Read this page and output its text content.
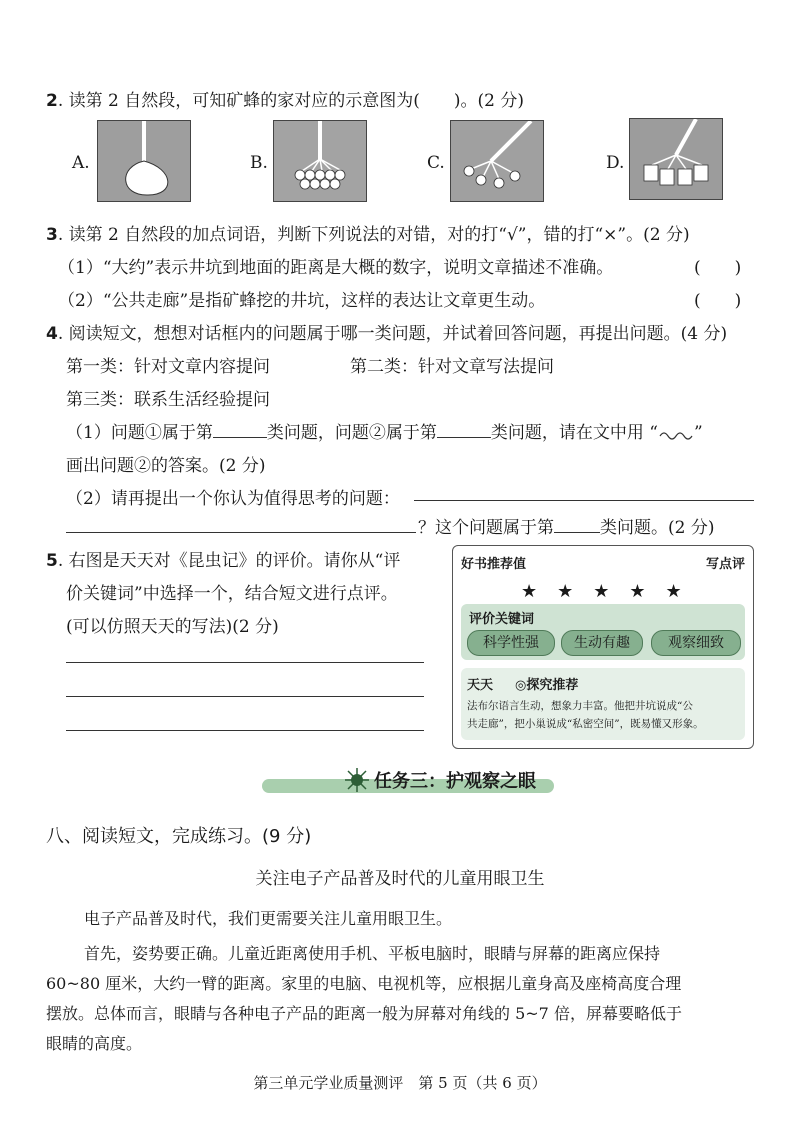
2. 读第 2 自然段，可知矿蜂的家对应的示意图为(　　)。(2 分)
A.	B.	C.	D.
3. 读第 2 自然段的加点词语，判断下列说法的对错，对的打“√”，错的打“×”。(2 分)
（1）“大约”表示井坑到地面的距离是大概的数字，说明文章描述不准确。	(　　)
（2）“公共走廊”是指矿蜂挖的井坑，这样的表达让文章更生动。	(　　)
4. 阅读短文，想想对话框内的问题属于哪一类问题，并试着回答问题，再提出问题。(4 分)
第一类：针对文章内容提问	第二类：针对文章写法提问
第三类：联系生活经验提问
（1）问题①属于第	类问题，问题②属于第	类问题，请在文中用 “ ”
画出问题②的答案。(2 分)
（2）请再提出一个你认为值得思考的问题：
？这个问题属于第	类问题。(2 分)
5. 右图是天天对《昆虫记》的评价。请你从“评
价关键词”中选择一个，结合短文进行点评。
(可以仿照天天的写法)(2 分)
好书推荐值	写点评
★　★　★　★　★
评价关键词
科学性强	生动有趣	观察细致
天天 ◎探究推荐
法布尔语言生动，想象力丰富。他把井坑说成“公
共走廊”，把小巢说成“私密空间”，既易懂又形象。
任务三：护观察之眼
八、阅读短文，完成练习。(9 分)
关注电子产品普及时代的儿童用眼卫生
电子产品普及时代，我们更需要关注儿童用眼卫生。
首先，姿势要正确。儿童近距离使用手机、平板电脑时，眼睛与屏幕的距离应保持
60~80 厘米，大约一臂的距离。家里的电脑、电视机等，应根据儿童身高及座椅高度合理
摆放。总体而言，眼睛与各种电子产品的距离一般为屏幕对角线的 5~7 倍，屏幕要略低于
眼睛的高度。
第三单元学业质量测评　第 5 页（共 6 页）
